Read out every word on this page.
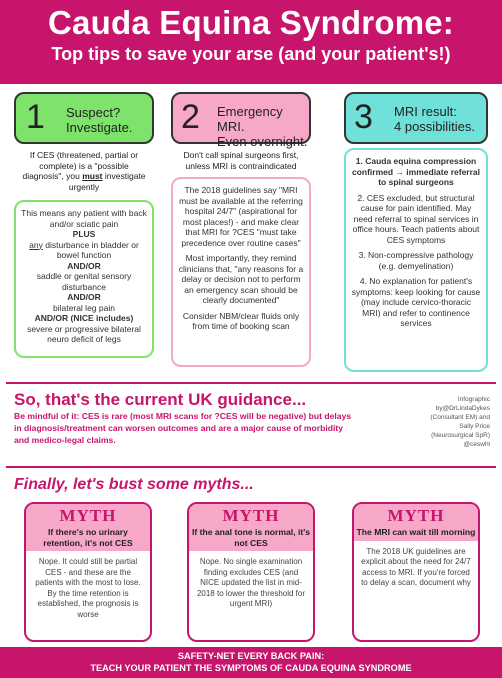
Cauda Equina Syndrome:
Top tips to save your arse (and your patient's!)
1 Suspect?
Investigate.
If CES (threatened, partial or complete) is a "possible diagnosis", you must investigate urgently
This means any patient with back and/or sciatic pain
PLUS
any disturbance in bladder or bowel function
AND/OR
saddle or genital sensory disturbance
AND/OR
bilateral leg pain
AND/OR (NICE includes)
severe or progressive bilateral neuro deficit of legs
2 Emergency MRI.
Even overnight.
Don't call spinal surgeons first,
unless MRI is contraindicated

The 2018 guidelines say "MRI must be available at the referring hospital 24/7" (aspirational for most places!) - and make clear that MRI for ?CES "must take precedence over routine cases"

Most importantly, they remind clinicians that, "any reasons for a delay or decision not to perform an emergency scan should be clearly documented"

Consider NBM/clear fluids only from time of booking scan

3 MRI result:
4 possibilities.

1. Cauda equina compression confirmed → immediate referral to spinal surgeons

2. CES excluded, but structural cause for pain identified. May need referral to spinal services in office hours. Teach patients about CES symptoms

3. Non-compressive pathology (e.g. demyelination)

4. No explanation for patient's symptoms: keep looking for cause (may include cervico-thoracic MRI) and refer to continence services

So, that's the current UK guidance...
Be mindful of it: CES is rare (most MRI scans for ?CES will be negative) but delays in diagnosis/treatment can worsen outcomes and are a major cause of morbidity and medico-legal claims.
Infographic
by@DrLindaDykes
(Consultant EM) and
Sally Price
(Neurosurgical SpR)
@ceswhl
Finally, let's bust some myths...
MYTH
If there's no urinary retention, it's not CES
Nope. It could still be partial CES - and these are the patients with the most to lose. By the time retention is established, the prognosis is worse
MYTH
If the anal tone is normal, it's not CES
Nope. No single examination finding excludes CES (and NICE updated the list in mid-2018 to lower the threshold for urgent MRI)
MYTH
The MRI can wait till morning
The 2018 UK guidelines are explicit about the need for 24/7 access to MRI. If you're forced to delay a scan, document why
SAFETY-NET EVERY BACK PAIN:
TEACH YOUR PATIENT THE SYMPTOMS OF CAUDA EQUINA SYNDROME
